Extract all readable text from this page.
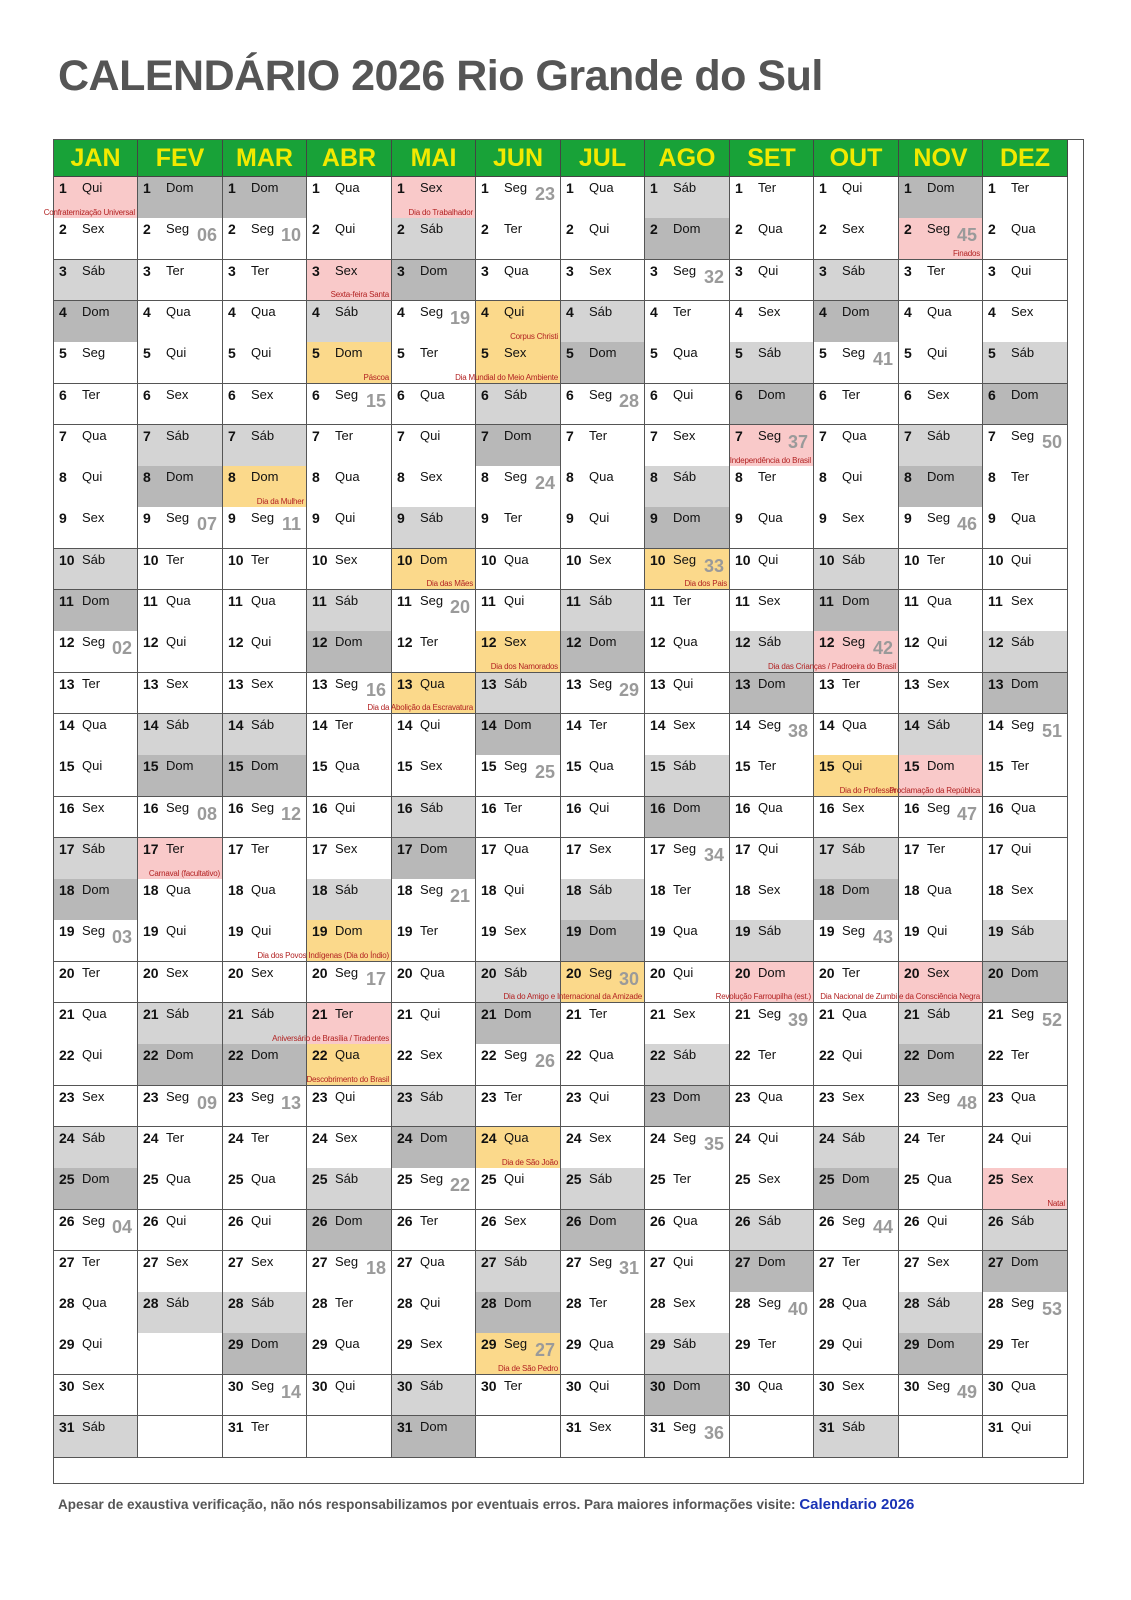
CALENDÁRIO 2026 Rio Grande do Sul
JAN
1 Qui
Confraternização Universal
2 Sex
3 Sáb
4 Dom
5 Seg
6 Ter
7 Qua
8 Qui
9 Sex
10 Sáb
11 Dom
12 Seg 02
13 Ter
14 Qua
15 Qui
16 Sex
17 Sáb
18 Dom
19 Seg 03
20 Ter
21 Qua
22 Qui
23 Sex
24 Sáb
25 Dom
26 Seg 04
27 Ter
28 Qua
29 Qui
30 Sex
31 Sáb
FEV
1 Dom
2 Seg 06
3 Ter
4 Qua
5 Qui
6 Sex
7 Sáb
8 Dom
9 Seg 07
10 Ter
11 Qua
12 Qui
13 Sex
14 Sáb
15 Dom
16 Seg 08
17 Ter
Carnaval (facultativo)
18 Qua
19 Qui
20 Sex
21 Sáb
22 Dom
23 Seg 09
24 Ter
25 Qua
26 Qui
27 Sex
28 Sáb
MAR
1 Dom
2 Seg 10
3 Ter
4 Qua
5 Qui
6 Sex
7 Sáb
8 Dom
Dia da Mulher
9 Seg 11
10 Ter
11 Qua
12 Qui
13 Sex
14 Sáb
15 Dom
16 Seg 12
17 Ter
18 Qua
19 Qui
20 Sex
21 Sáb
22 Dom
23 Seg 13
24 Ter
25 Qua
26 Qui
27 Sex
28 Sáb
29 Dom
30 Seg 14
31 Ter
ABR
1 Qua
2 Qui
3 Sex
Sexta-feira Santa
4 Sáb
5 Dom
Páscoa
6 Seg 15
7 Ter
8 Qua
9 Qui
10 Sex
11 Sáb
12 Dom
13 Seg 16
14 Ter
15 Qua
16 Qui
17 Sex
18 Sáb
19 Dom
Dia dos Povos Indígenas (Dia do Índio)
20 Seg 17
21 Ter
Aniversário de Brasília / Tiradentes
22 Qua
Descobrimento do Brasil
23 Qui
24 Sex
25 Sáb
26 Dom
27 Seg 18
28 Ter
29 Qua
30 Qui
MAI
1 Sex
Dia do Trabalhador
2 Sáb
3 Dom
4 Seg 19
5 Ter
6 Qua
7 Qui
8 Sex
9 Sáb
10 Dom
Dia das Mães
11 Seg 20
12 Ter
13 Qua
Dia da Abolição da Escravatura
14 Qui
15 Sex
16 Sáb
17 Dom
18 Seg 21
19 Ter
20 Qua
21 Qui
22 Sex
23 Sáb
24 Dom
25 Seg 22
26 Ter
27 Qua
28 Qui
29 Sex
30 Sáb
31 Dom
JUN
1 Seg 23
2 Ter
3 Qua
4 Qui
Corpus Christi
5 Sex
Dia Mundial do Meio Ambiente
6 Sáb
7 Dom
8 Seg 24
9 Ter
10 Qua
11 Qui
12 Sex
Dia dos Namorados
13 Sáb
14 Dom
15 Seg 25
16 Ter
17 Qua
18 Qui
19 Sex
20 Sáb
21 Dom
22 Seg 26
23 Ter
24 Qua
Dia de São João
25 Qui
26 Sex
27 Sáb
28 Dom
29 Seg 27
Dia de São Pedro
30 Ter
JUL
1 Qua
2 Qui
3 Sex
4 Sáb
5 Dom
6 Seg 28
7 Ter
8 Qua
9 Qui
10 Sex
11 Sáb
12 Dom
13 Seg 29
14 Ter
15 Qua
16 Qui
17 Sex
18 Sáb
19 Dom
20 Seg 30
Dia do Amigo e Internacional da Amizade
21 Ter
22 Qua
23 Qui
24 Sex
25 Sáb
26 Dom
27 Seg 31
28 Ter
29 Qua
30 Qui
31 Sex
AGO
1 Sáb
2 Dom
3 Seg 32
4 Ter
5 Qua
6 Qui
7 Sex
8 Sáb
9 Dom
10 Seg 33
Dia dos Pais
11 Ter
12 Qua
13 Qui
14 Sex
15 Sáb
16 Dom
17 Seg 34
18 Ter
19 Qua
20 Qui
21 Sex
22 Sáb
23 Dom
24 Seg 35
25 Ter
26 Qua
27 Qui
28 Sex
29 Sáb
30 Dom
31 Seg 36
SET
1 Ter
2 Qua
3 Qui
4 Sex
5 Sáb
6 Dom
7 Seg 37
Independência do Brasil
8 Ter
9 Qua
10 Qui
11 Sex
12 Sáb
13 Dom
14 Seg 38
15 Ter
16 Qua
17 Qui
18 Sex
19 Sáb
20 Dom
Revolução Farroupilha (est.)
21 Seg 39
22 Ter
23 Qua
24 Qui
25 Sex
26 Sáb
27 Dom
28 Seg 40
29 Ter
30 Qua
OUT
1 Qui
2 Sex
3 Sáb
4 Dom
5 Seg 41
6 Ter
7 Qua
8 Qui
9 Sex
10 Sáb
11 Dom
12 Seg 42
Dia das Crianças / Padroeira do Brasil
13 Ter
14 Qua
15 Qui
Dia do Professor
16 Sex
17 Sáb
18 Dom
19 Seg 43
20 Ter
21 Qua
22 Qui
23 Sex
24 Sáb
25 Dom
26 Seg 44
27 Ter
28 Qua
29 Qui
30 Sex
31 Sáb
NOV
1 Dom
2 Seg 45
Finados
3 Ter
4 Qua
5 Qui
6 Sex
7 Sáb
8 Dom
9 Seg 46
10 Ter
11 Qua
12 Qui
13 Sex
14 Sáb
15 Dom
Proclamação da República
16 Seg 47
17 Ter
18 Qua
19 Qui
20 Sex
Dia Nacional de Zumbi e da Consciência Negra
21 Sáb
22 Dom
23 Seg 48
24 Ter
25 Qua
26 Qui
27 Sex
28 Sáb
29 Dom
30 Seg 49
DEZ
1 Ter
2 Qua
3 Qui
4 Sex
5 Sáb
6 Dom
7 Seg 50
8 Ter
9 Qua
10 Qui
11 Sex
12 Sáb
13 Dom
14 Seg 51
15 Ter
16 Qua
17 Qui
18 Sex
19 Sáb
20 Dom
21 Seg 52
22 Ter
23 Qua
24 Qui
25 Sex
Natal
26 Sáb
27 Dom
28 Seg 53
29 Ter
30 Qua
31 Qui
Apesar de exaustiva verificação, não nós responsabilizamos por eventuais erros. Para maiores informações visite: Calendario 2026
